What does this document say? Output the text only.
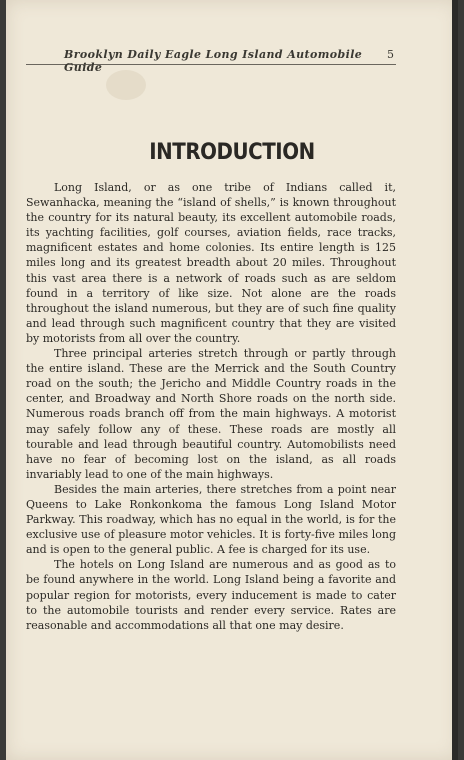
Brooklyn Daily Eagle Long Island Automobile Guide
5
INTRODUCTION

Long Island, or as one tribe of Indians called it, Sewanhacka, meaning the “island of shells,” is known throughout the country for its natural beauty, its excellent automobile roads, its yachting facilities, golf courses, aviation fields, race tracks, magnificent estates and home colonies. Its entire length is 125 miles long and its greatest breadth about 20 miles. Throughout this vast area there is a network of roads such as are seldom found in a territory of like size. Not alone are the roads throughout the island numerous, but they are of such fine quality and lead through such magnificent country that they are visited by motorists from all over the country.

Three principal arteries stretch through or partly through the entire island. These are the Merrick and the South Country road on the south; the Jericho and Middle Country roads in the center, and Broadway and North Shore roads on the north side. Numerous roads branch off from the main highways. A motorist may safely follow any of these. These roads are mostly all tourable and lead through beautiful country. Automobilists need have no fear of becoming lost on the island, as all roads invariably lead to one of the main highways.

Besides the main arteries, there stretches from a point near Queens to Lake Ronkonkoma the famous Long Island Motor Parkway. This roadway, which has no equal in the world, is for the exclusive use of pleasure motor vehicles. It is forty-five miles long and is open to the general public. A fee is charged for its use.

The hotels on Long Island are numerous and as good as to be found anywhere in the world. Long Island being a favorite and popular region for motorists, every inducement is made to cater to the automobile tourists and render every service. Rates are reasonable and accommodations all that one may desire.
